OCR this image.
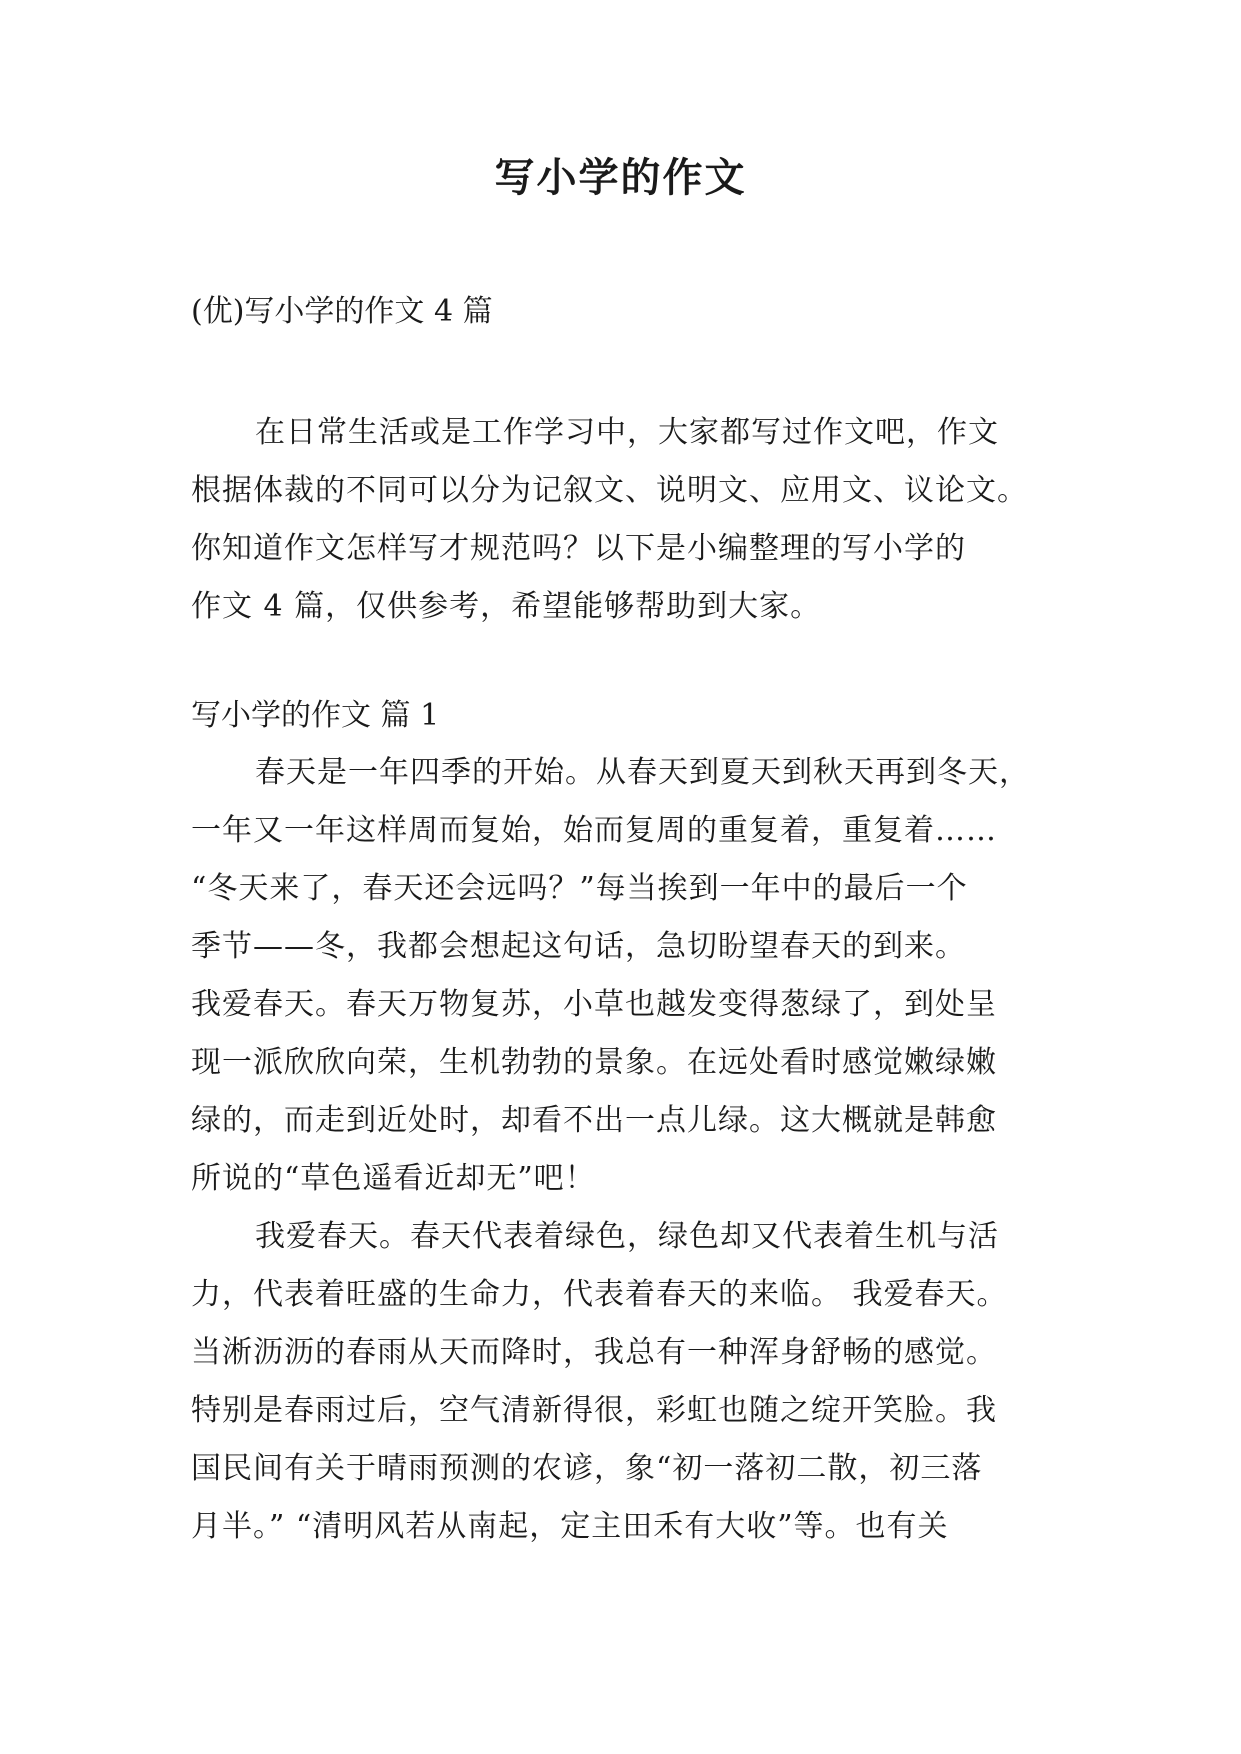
写小学的作文
(优)写小学的作文 4 篇
在日常生活或是工作学习中，大家都写过作文吧，作文
根据体裁的不同可以分为记叙文、说明文、应用文、议论文。
你知道作文怎样写才规范吗？以下是小编整理的写小学的
作文 4 篇，仅供参考，希望能够帮助到大家。
写小学的作文 篇 1
春天是一年四季的开始。从春天到夏天到秋天再到冬天，
一年又一年这样周而复始，始而复周的重复着，重复着……
“冬天来了，春天还会远吗？”每当挨到一年中的最后一个
季节——冬，我都会想起这句话，急切盼望春天的到来。
我爱春天。春天万物复苏，小草也越发变得葱绿了，到处呈
现一派欣欣向荣，生机勃勃的景象。在远处看时感觉嫩绿嫩
绿的，而走到近处时，却看不出一点儿绿。这大概就是韩愈
所说的“草色遥看近却无”吧！
我爱春天。春天代表着绿色，绿色却又代表着生机与活
力，代表着旺盛的生命力，代表着春天的来临。 我爱春天。
当淅沥沥的春雨从天而降时，我总有一种浑身舒畅的感觉。
特别是春雨过后，空气清新得很，彩虹也随之绽开笑脸。我
国民间有关于晴雨预测的农谚，象“初一落初二散，初三落
月半。” “清明风若从南起，定主田禾有大收”等。也有关
